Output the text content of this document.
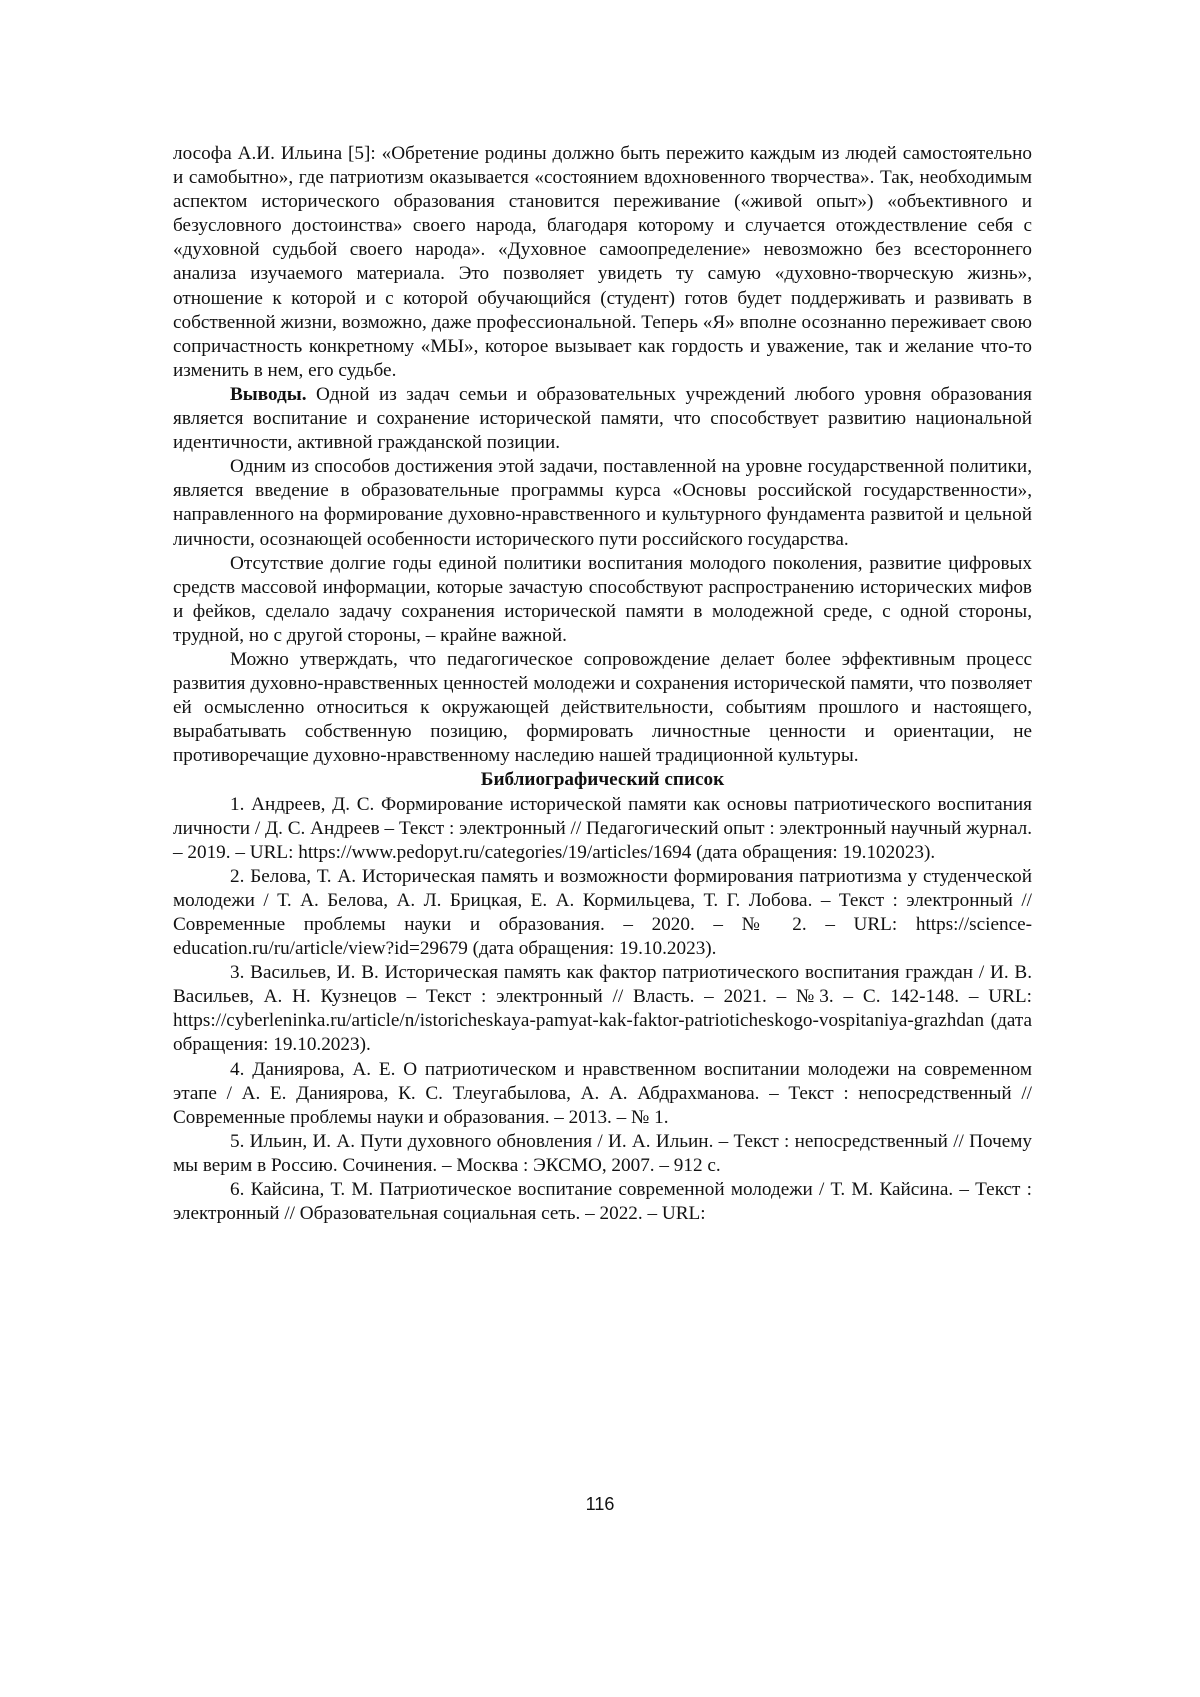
лософа А.И. Ильина [5]: «Обретение родины должно быть пережито каждым из людей самостоятельно и самобытно», где патриотизм оказывается «состоянием вдохновенного творчества». Так, необходимым аспектом исторического образования становится переживание («живой опыт») «объективного и безусловного достоинства» своего народа, благодаря которому и случается отождествление себя с «духовной судьбой своего народа». «Духовное самоопределение» невозможно без всестороннего анализа изучаемого материала. Это позволяет увидеть ту самую «духовно-творческую жизнь», отношение к которой и с которой обучающийся (студент) готов будет поддерживать и развивать в собственной жизни, возможно, даже профессиональной. Теперь «Я» вполне осознанно переживает свою сопричастность конкретному «МЫ», которое вызывает как гордость и уважение, так и желание что-то изменить в нем, его судьбе.

Выводы. Одной из задач семьи и образовательных учреждений любого уровня образования является воспитание и сохранение исторической памяти, что способствует развитию национальной идентичности, активной гражданской позиции.

Одним из способов достижения этой задачи, поставленной на уровне государственной политики, является введение в образовательные программы курса «Основы российской государственности», направленного на формирование духовно-нравственного и культурного фундамента развитой и цельной личности, осознающей особенности исторического пути российского государства.

Отсутствие долгие годы единой политики воспитания молодого поколения, развитие цифровых средств массовой информации, которые зачастую способствуют распространению исторических мифов и фейков, сделало задачу сохранения исторической памяти в молодежной среде, с одной стороны, трудной, но с другой стороны, – крайне важной.

Можно утверждать, что педагогическое сопровождение делает более эффективным процесс развития духовно-нравственных ценностей молодежи и сохранения исторической памяти, что позволяет ей осмысленно относиться к окружающей действительности, событиям прошлого и настоящего, вырабатывать собственную позицию, формировать личностные ценности и ориентации, не противоречащие духовно-нравственному наследию нашей традиционной культуры.

Библиографический список

1. Андреев, Д. С. Формирование исторической памяти как основы патриотического воспитания личности / Д. С. Андреев – Текст : электронный // Педагогический опыт : электронный научный журнал. – 2019. – URL: https://www.pedopyt.ru/categories/19/articles/1694 (дата обращения: 19.102023).

2. Белова, Т. А. Историческая память и возможности формирования патриотизма у студенческой молодежи / Т. А. Белова, А. Л. Брицкая, Е. А. Кормильцева, Т. Г. Лобова. – Текст : электронный // Современные проблемы науки и образования. – 2020. – № 2. – URL: https://science-education.ru/ru/article/view?id=29679 (дата обращения: 19.10.2023).

3. Васильев, И. В. Историческая память как фактор патриотического воспитания граждан / И. В. Васильев, А. Н. Кузнецов – Текст : электронный // Власть. – 2021. – №3. – С. 142-148. – URL: https://cyberleninka.ru/article/n/istoricheskaya-pamyat-kak-faktor-patrioticheskogo-vospitaniya-grazhdan (дата обращения: 19.10.2023).

4. Даниярова, А. Е. О патриотическом и нравственном воспитании молодежи на современном этапе / А. Е. Даниярова, К. С. Тлеугабылова, А. А. Абдрахманова. – Текст : непосредственный // Современные проблемы науки и образования. – 2013. – № 1.

5. Ильин, И. А. Пути духовного обновления / И. А. Ильин. – Текст : непосредственный // Почему мы верим в Россию. Сочинения. – Москва : ЭКСМО, 2007. – 912 с.

6. Кайсина, Т. М. Патриотическое воспитание современной молодежи / Т. М. Кайсина. – Текст : электронный // Образовательная социальная сеть. – 2022. – URL:

116
